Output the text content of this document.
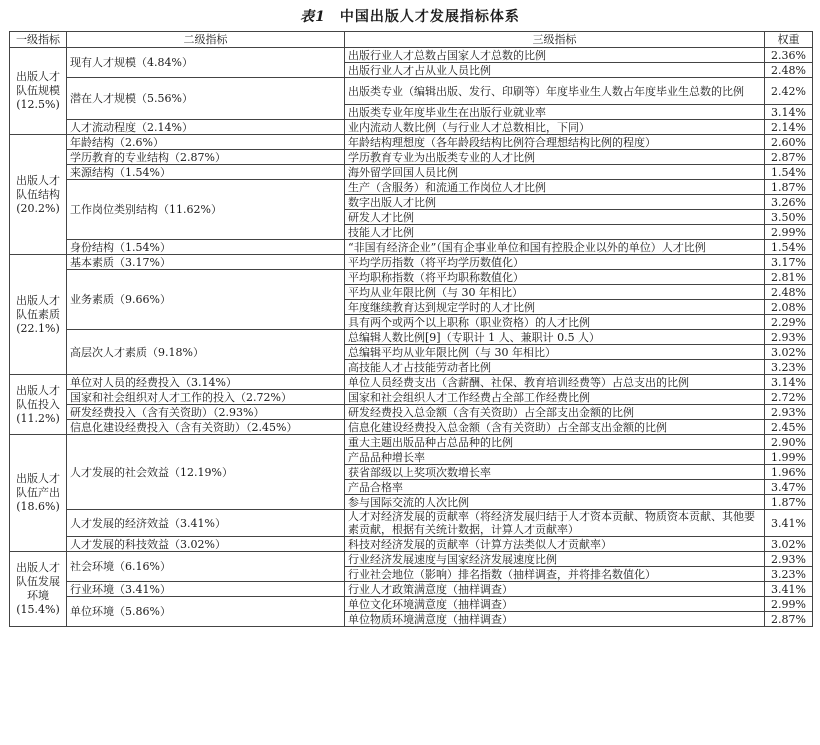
表1 中国出版人才发展指标体系
一级指标	二级指标	三级指标	权重
出版人才队伍规模(12.5%)	现有人才规模（4.84%）	出版行业人才总数占国家人才总数的比例	2.36%
		出版行业人才占从业人员比例	2.48%
	潜在人才规模（5.56%）	出版类专业（编辑出版、发行、印刷等）年度毕业生人数占年度毕业生总数的比例	2.42%
		出版类专业年度毕业生在出版行业就业率	3.14%
	人才流动程度（2.14%）	业内流动人数比例（与行业人才总数相比，下同）	2.14%
出版人才队伍结构(20.2%)	年龄结构（2.6%）	年龄结构理想度（各年龄段结构比例符合理想结构比例的程度）	2.60%
	学历教育的专业结构（2.87%）	学历教育专业为出版类专业的人才比例	2.87%
	来源结构（1.54%）	海外留学回国人员比例	1.54%
	工作岗位类别结构（11.62%）	生产（含服务）和流通工作岗位人才比例	1.87%
		数字出版人才比例	3.26%
		研发人才比例	3.50%
		技能人才比例	2.99%
	身份结构（1.54%）	“非国有经济企业”（国有企事业单位和国有控股企业以外的单位）人才比例	1.54%
出版人才队伍素质(22.1%)	基本素质（3.17%）	平均学历指数（将平均学历数值化）	3.17%
	业务素质（9.66%）	平均职称指数（将平均职称数值化）	2.81%
		平均从业年限比例（与 30 年相比）	2.48%
		年度继续教育达到规定学时的人才比例	2.08%
		具有两个或两个以上职称（职业资格）的人才比例	2.29%
	高层次人才素质（9.18%）	总编辑人数比例[9]（专职计 1 人、兼职计 0.5 人）	2.93%
		总编辑平均从业年限比例（与 30 年相比）	3.02%
		高技能人才占技能劳动者比例	3.23%
出版人才队伍投入(11.2%)	单位对人员的经费投入（3.14%）	单位人员经费支出（含薪酬、社保、教育培训经费等）占总支出的比例	3.14%
	国家和社会组织对人才工作的投入（2.72%）	国家和社会组织人才工作经费占全部工作经费比例	2.72%
	研发经费投入（含有关资助）（2.93%）	研发经费投入总金额（含有关资助）占全部支出金额的比例	2.93%
	信息化建设经费投入（含有关资助）（2.45%）	信息化建设经费投入总金额（含有关资助）占全部支出金额的比例	2.45%
出版人才队伍产出(18.6%)	人才发展的社会效益（12.19%）	重大主题出版品种占总品种的比例	2.90%
		产品品种增长率	1.99%
		获省部级以上奖项次数增长率	1.96%
		产品合格率	3.47%
		参与国际交流的人次比例	1.87%
	人才发展的经济效益（3.41%）	人才对经济发展的贡献率（将经济发展归结于人才资本贡献、物质资本贡献、其他要素贡献，根据有关统计数据，计算人才贡献率）	3.41%
	人才发展的科技效益（3.02%）	科技对经济发展的贡献率（计算方法类似人才贡献率）	3.02%
出版人才队伍发展环境(15.4%)	社会环境（6.16%）	行业经济发展速度与国家经济发展速度比例	2.93%
		行业社会地位（影响）排名指数（抽样调查，并将排名数值化）	3.23%
	行业环境（3.41%）	行业人才政策满意度（抽样调查）	3.41%
	单位环境（5.86%）	单位文化环境满意度（抽样调查）	2.99%
		单位物质环境满意度（抽样调查）	2.87%
